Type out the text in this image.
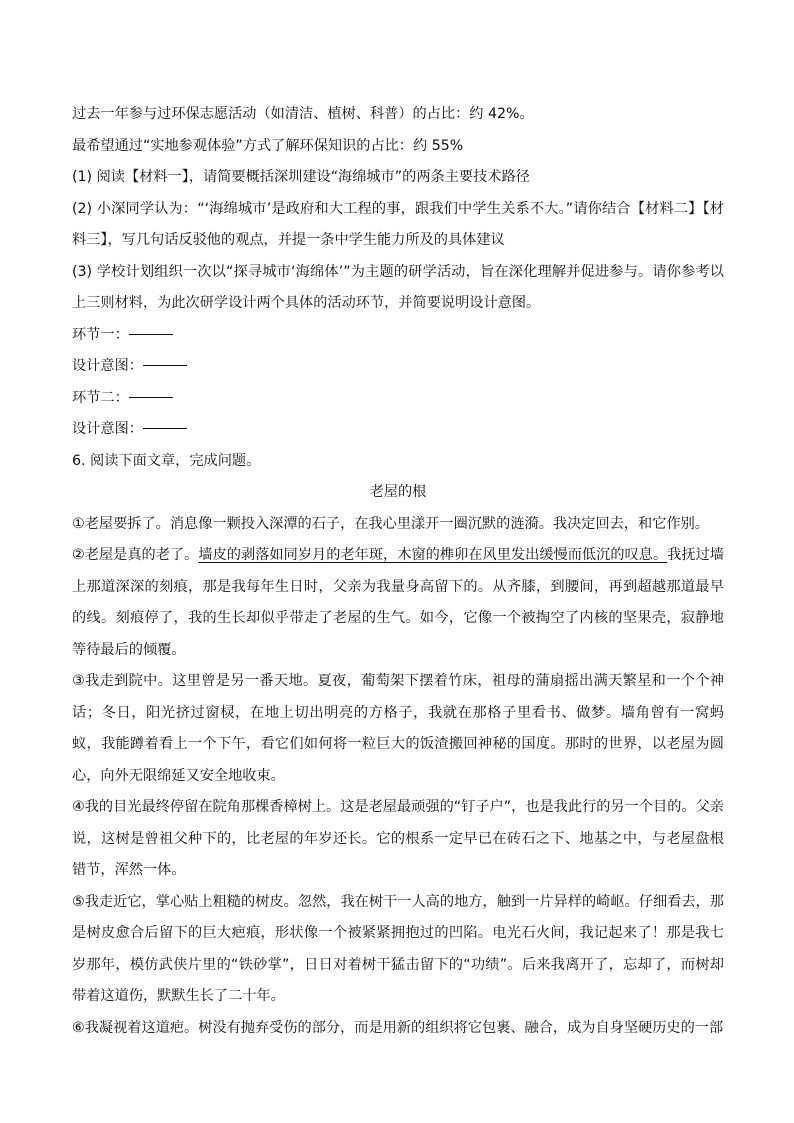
过去一年参与过环保志愿活动（如清洁、植树、科普）的占比：约 42%。

最希望通过“实地参观体验”方式了解环保知识的占比：约 55%

(1) 阅读【材料一】，请简要概括深圳建设“海绵城市”的两条主要技术路径

(2) 小深同学认为：“‘海绵城市’是政府和大工程的事，跟我们中学生关系不大。”请你结合【材料二】【材料三】，写几句话反驳他的观点，并提一条中学生能力所及的具体建议

(3) 学校计划组织一次以“探寻城市‘海绵体’”为主题的研学活动，旨在深化理解并促进参与。请你参考以上三则材料，为此次研学设计两个具体的活动环节，并简要说明设计意图。

环节一：

设计意图：

环节二：

设计意图：

6. 阅读下面文章，完成问题。

老屋的根

①老屋要拆了。消息像一颗投入深潭的石子，在我心里漾开一圈沉默的涟漪。我决定回去，和它作别。

②老屋是真的老了。墙皮的剥落如同岁月的老年斑，木窗的榫卯在风里发出缓慢而低沉的叹息。我抚过墙上那道深深的刻痕，那是我每年生日时，父亲为我量身高留下的。从齐膝，到腰间，再到超越那道最早的线。刻痕停了，我的生长却似乎带走了老屋的生气。如今，它像一个被掏空了内核的坚果壳，寂静地等待最后的倾覆。

③我走到院中。这里曾是另一番天地。夏夜，葡萄架下摆着竹床，祖母的蒲扇摇出满天繁星和一个个神话；冬日，阳光挤过窗棂，在地上切出明亮的方格子，我就在那格子里看书、做梦。墙角曾有一窝蚂蚁，我能蹲着看上一个下午，看它们如何将一粒巨大的饭渣搬回神秘的国度。那时的世界，以老屋为圆心，向外无限绵延又安全地收束。

④我的目光最终停留在院角那棵香樟树上。这是老屋最顽强的“钉子户”，也是我此行的另一个目的。父亲说，这树是曾祖父种下的，比老屋的年岁还长。它的根系一定早已在砖石之下、地基之中，与老屋盘根错节，浑然一体。

⑤我走近它，掌心贴上粗糙的树皮。忽然，我在树干一人高的地方，触到一片异样的崎岖。仔细看去，那是树皮愈合后留下的巨大疤痕，形状像一个被紧紧拥抱过的凹陷。电光石火间，我记起来了！那是我七岁那年，模仿武侠片里的“铁砂掌”，日日对着树干猛击留下的“功绩”。后来我离开了，忘却了，而树却带着这道伤，默默生长了二十年。

⑥我凝视着这道疤。树没有抛弃受伤的部分，而是用新的组织将它包裹、融合，成为自身坚硬历史的一部
